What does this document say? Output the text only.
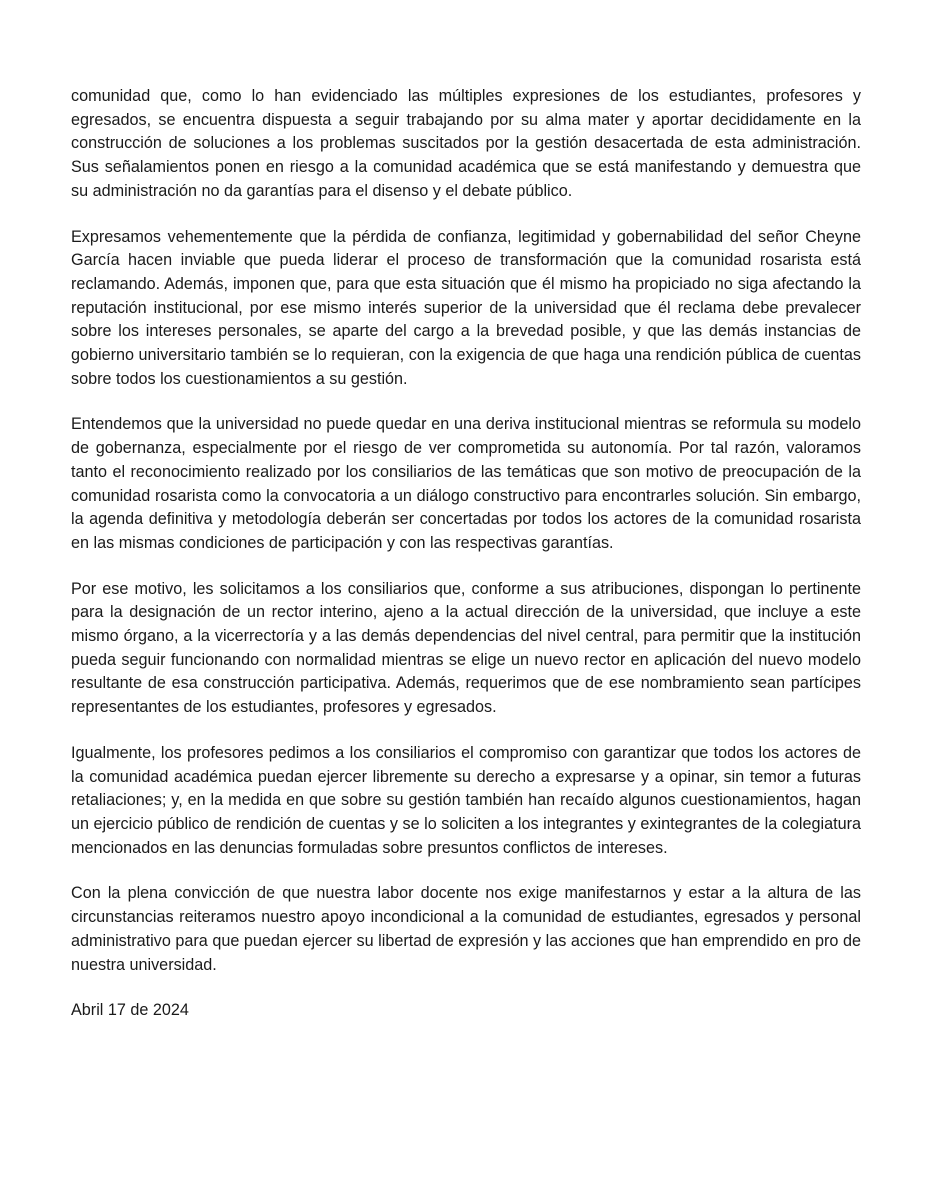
comunidad que, como lo han evidenciado las múltiples expresiones de los estudiantes, profesores y egresados, se encuentra dispuesta a seguir trabajando por su alma mater y aportar decididamente en la construcción de soluciones a los problemas suscitados por la gestión desacertada de esta administración. Sus señalamientos ponen en riesgo a la comunidad académica que se está manifestando y demuestra que su administración no da garantías para el disenso y el debate público.

Expresamos vehementemente que la pérdida de confianza, legitimidad y gobernabilidad del señor Cheyne García hacen inviable que pueda liderar el proceso de transformación que la comunidad rosarista está reclamando. Además, imponen que, para que esta situación que él mismo ha propiciado no siga afectando la reputación institucional, por ese mismo interés superior de la universidad que él reclama debe prevalecer sobre los intereses personales, se aparte del cargo a la brevedad posible, y que las demás instancias de gobierno universitario también se lo requieran, con la exigencia de que haga una rendición pública de cuentas sobre todos los cuestionamientos a su gestión.

Entendemos que la universidad no puede quedar en una deriva institucional mientras se reformula su modelo de gobernanza, especialmente por el riesgo de ver comprometida su autonomía. Por tal razón, valoramos tanto el reconocimiento realizado por los consiliarios de las temáticas que son motivo de preocupación de la comunidad rosarista como la convocatoria a un diálogo constructivo para encontrarles solución. Sin embargo, la agenda definitiva y metodología deberán ser concertadas por todos los actores de la comunidad rosarista en las mismas condiciones de participación y con las respectivas garantías.

Por ese motivo, les solicitamos a los consiliarios que, conforme a sus atribuciones, dispongan lo pertinente para la designación de un rector interino, ajeno a la actual dirección de la universidad, que incluye a este mismo órgano, a la vicerrectoría y a las demás dependencias del nivel central, para permitir que la institución pueda seguir funcionando con normalidad mientras se elige un nuevo rector en aplicación del nuevo modelo resultante de esa construcción participativa. Además, requerimos que de ese nombramiento sean partícipes representantes de los estudiantes, profesores y egresados.

Igualmente, los profesores pedimos a los consiliarios el compromiso con garantizar que todos los actores de la comunidad académica puedan ejercer libremente su derecho a expresarse y a opinar, sin temor a futuras retaliaciones; y, en la medida en que sobre su gestión también han recaído algunos cuestionamientos, hagan un ejercicio público de rendición de cuentas y se lo soliciten a los integrantes y exintegrantes de la colegiatura mencionados en las denuncias formuladas sobre presuntos conflictos de intereses.

Con la plena convicción de que nuestra labor docente nos exige manifestarnos y estar a la altura de las circunstancias reiteramos nuestro apoyo incondicional a la comunidad de estudiantes, egresados y personal administrativo para que puedan ejercer su libertad de expresión y las acciones que han emprendido en pro de nuestra universidad.

Abril 17 de 2024
